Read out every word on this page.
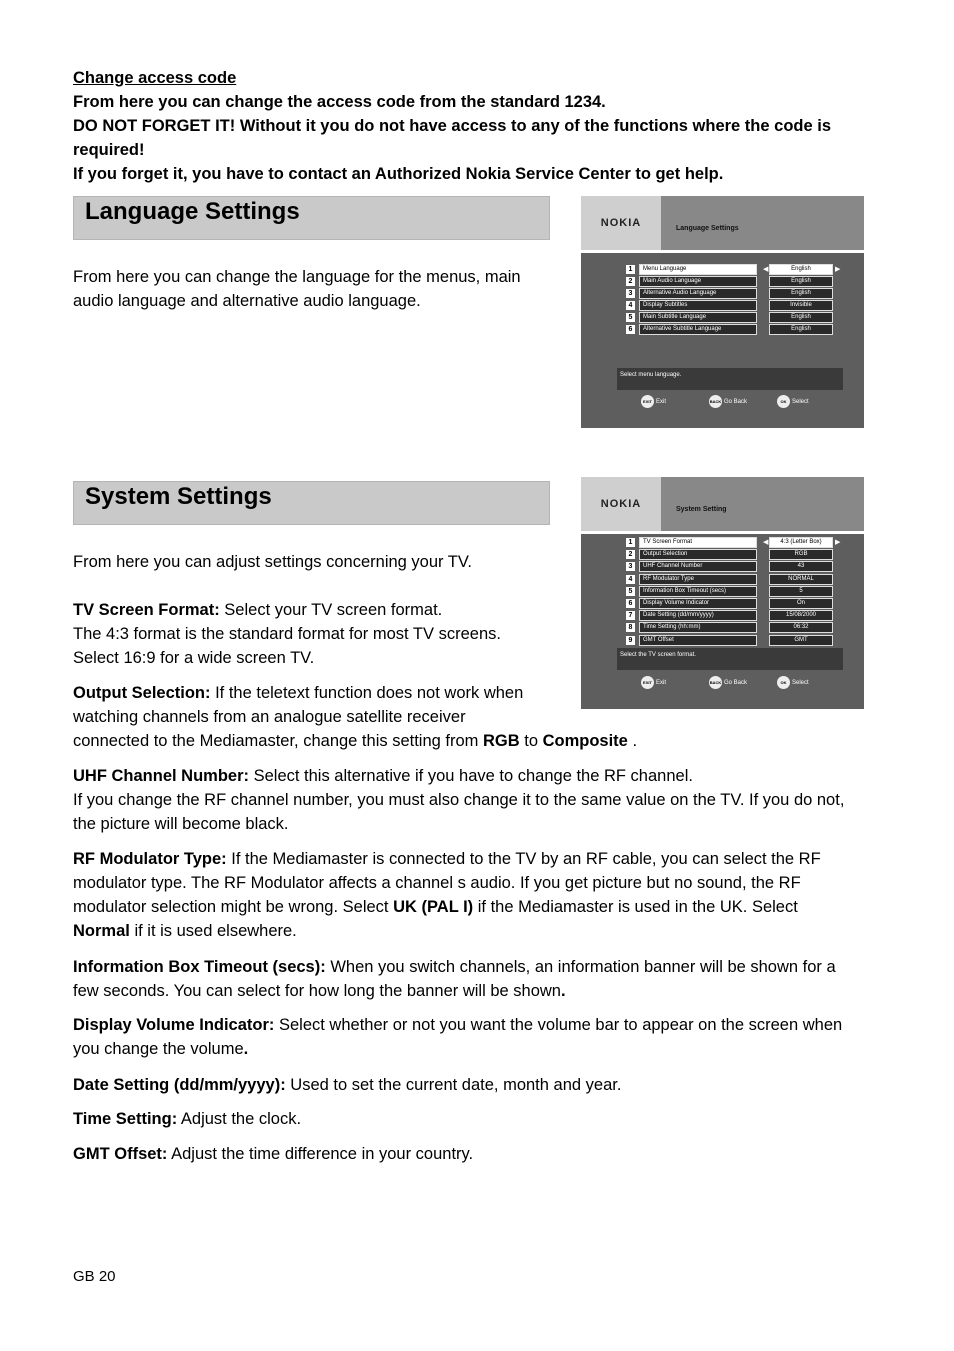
Change access code

From here you can change the access code from the standard 1234.

DO NOT FORGET IT! Without it you do not have access to any of the functions where the code is required!

If you forget it, you have to contact an Authorized Nokia Service Center to get help.

Language Settings

From here you can change the language for the menus, main audio language and alternative audio language.

NOKIA	Language Settings
1	Menu Language	English
◀	▶
2	Main Audio Language	English
3	Alternative Audio Language	English
4	Display Subtitles	Invisible
5	Main Subtitle Language	English
6	Alternative Subtitle Language	English
Select menu language.
EXIT Exit	BACK Go Back	OK Select
System Settings

From here you can adjust settings concerning your TV.

NOKIA	System Setting
1	TV Screen Format	4:3 (Letter Box)
◀	▶
2	Output Selection	RGB
3	UHF Channel Number	43
4	RF Modulator Type	NORMAL
5	Information Box Timeout (secs)	5
6	Display Volume Indicator	On
7	Date Setting (dd/mm/yyyy)	15/08/2000
8	Time Setting (hh:mm)	06:32
9	GMT Offset	GMT
Select the TV screen format.
EXIT Exit	BACK Go Back	OK Select

TV Screen Format: Select your TV screen format.

The 4:3 format is the standard format for most TV screens.

Select 16:9 for a wide screen TV.

Output Selection: If the teletext function does not work when

watching channels from an analogue satellite receiver

connected to the Mediamaster, change this setting from RGB to Composite .

UHF Channel Number: Select this alternative if you have to change the RF channel.

If you change the RF channel number, you must also change it to the same value on the TV. If you do not, the picture will become black.

RF Modulator Type: If the Mediamaster is connected to the TV by an RF cable, you can select the RF modulator type. The RF Modulator affects a channel s audio. If you get picture but no sound, the RF modulator selection might be wrong. Select UK (PAL I) if the Mediamaster is used in the UK. Select Normal if it is used elsewhere.

Information Box Timeout (secs): When you switch channels, an information banner will be shown for a few seconds. You can select for how long the banner will be shown.

Display Volume Indicator: Select whether or not you want the volume bar to appear on the screen when you change the volume.

Date Setting (dd/mm/yyyy): Used to set the current date, month and year.

Time Setting: Adjust the clock.

GMT Offset: Adjust the time difference in your country.

GB 20
